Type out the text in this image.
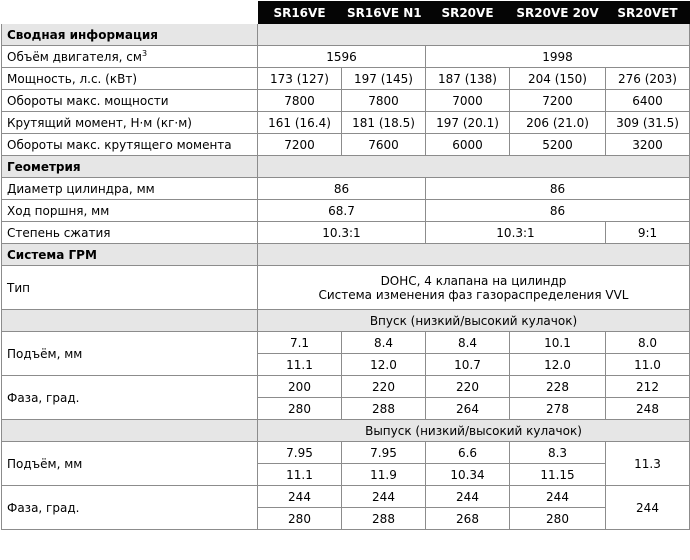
	SR16VE	SR16VE N1	SR20VE	SR20VE 20V	SR20VET
Сводная информация					
Объём двигателя, $см^3$	1596		1998		
Мощность, л.с. (кВт)	173 (127)	197 (145)	187 (138)	204 (150)	276 (203)
Обороты макс. мощности	7800	7800	7000	7200	6400
Крутящий момент, Н·м (кг·м)	161 (16.4)	181 (18.5)	197 (20.1)	206 (21.0)	309 (31.5)
Обороты макс. крутящего момента	7200	7600	6000	5200	3200
Геометрия					
Диаметр цилиндра, мм	86		86		
Ход поршня, мм	68.7		86		
Степень сжатия	10.3:1		10.3:1		9:1
Система ГРМ					
Тип	DOHC, 4 клапана на цилиндр
Система изменения фаз газораспределения VVL				

	Впуск (низкий/высокий кулачок)				
Подъём, мм	7.1	8.4	8.4	10.1	8.0
	11.1	12.0	10.7	12.0	11.0
Фаза, град.	200	220	220	228	212
	280	288	264	278	248
	Выпуск (низкий/высокий кулачок)				
Подъём, мм	7.95	7.95	6.6	8.3	11.3
	11.1	11.9	10.34	11.15	
Фаза, град.	244	244	244	244	244
	280	288	268	280	
